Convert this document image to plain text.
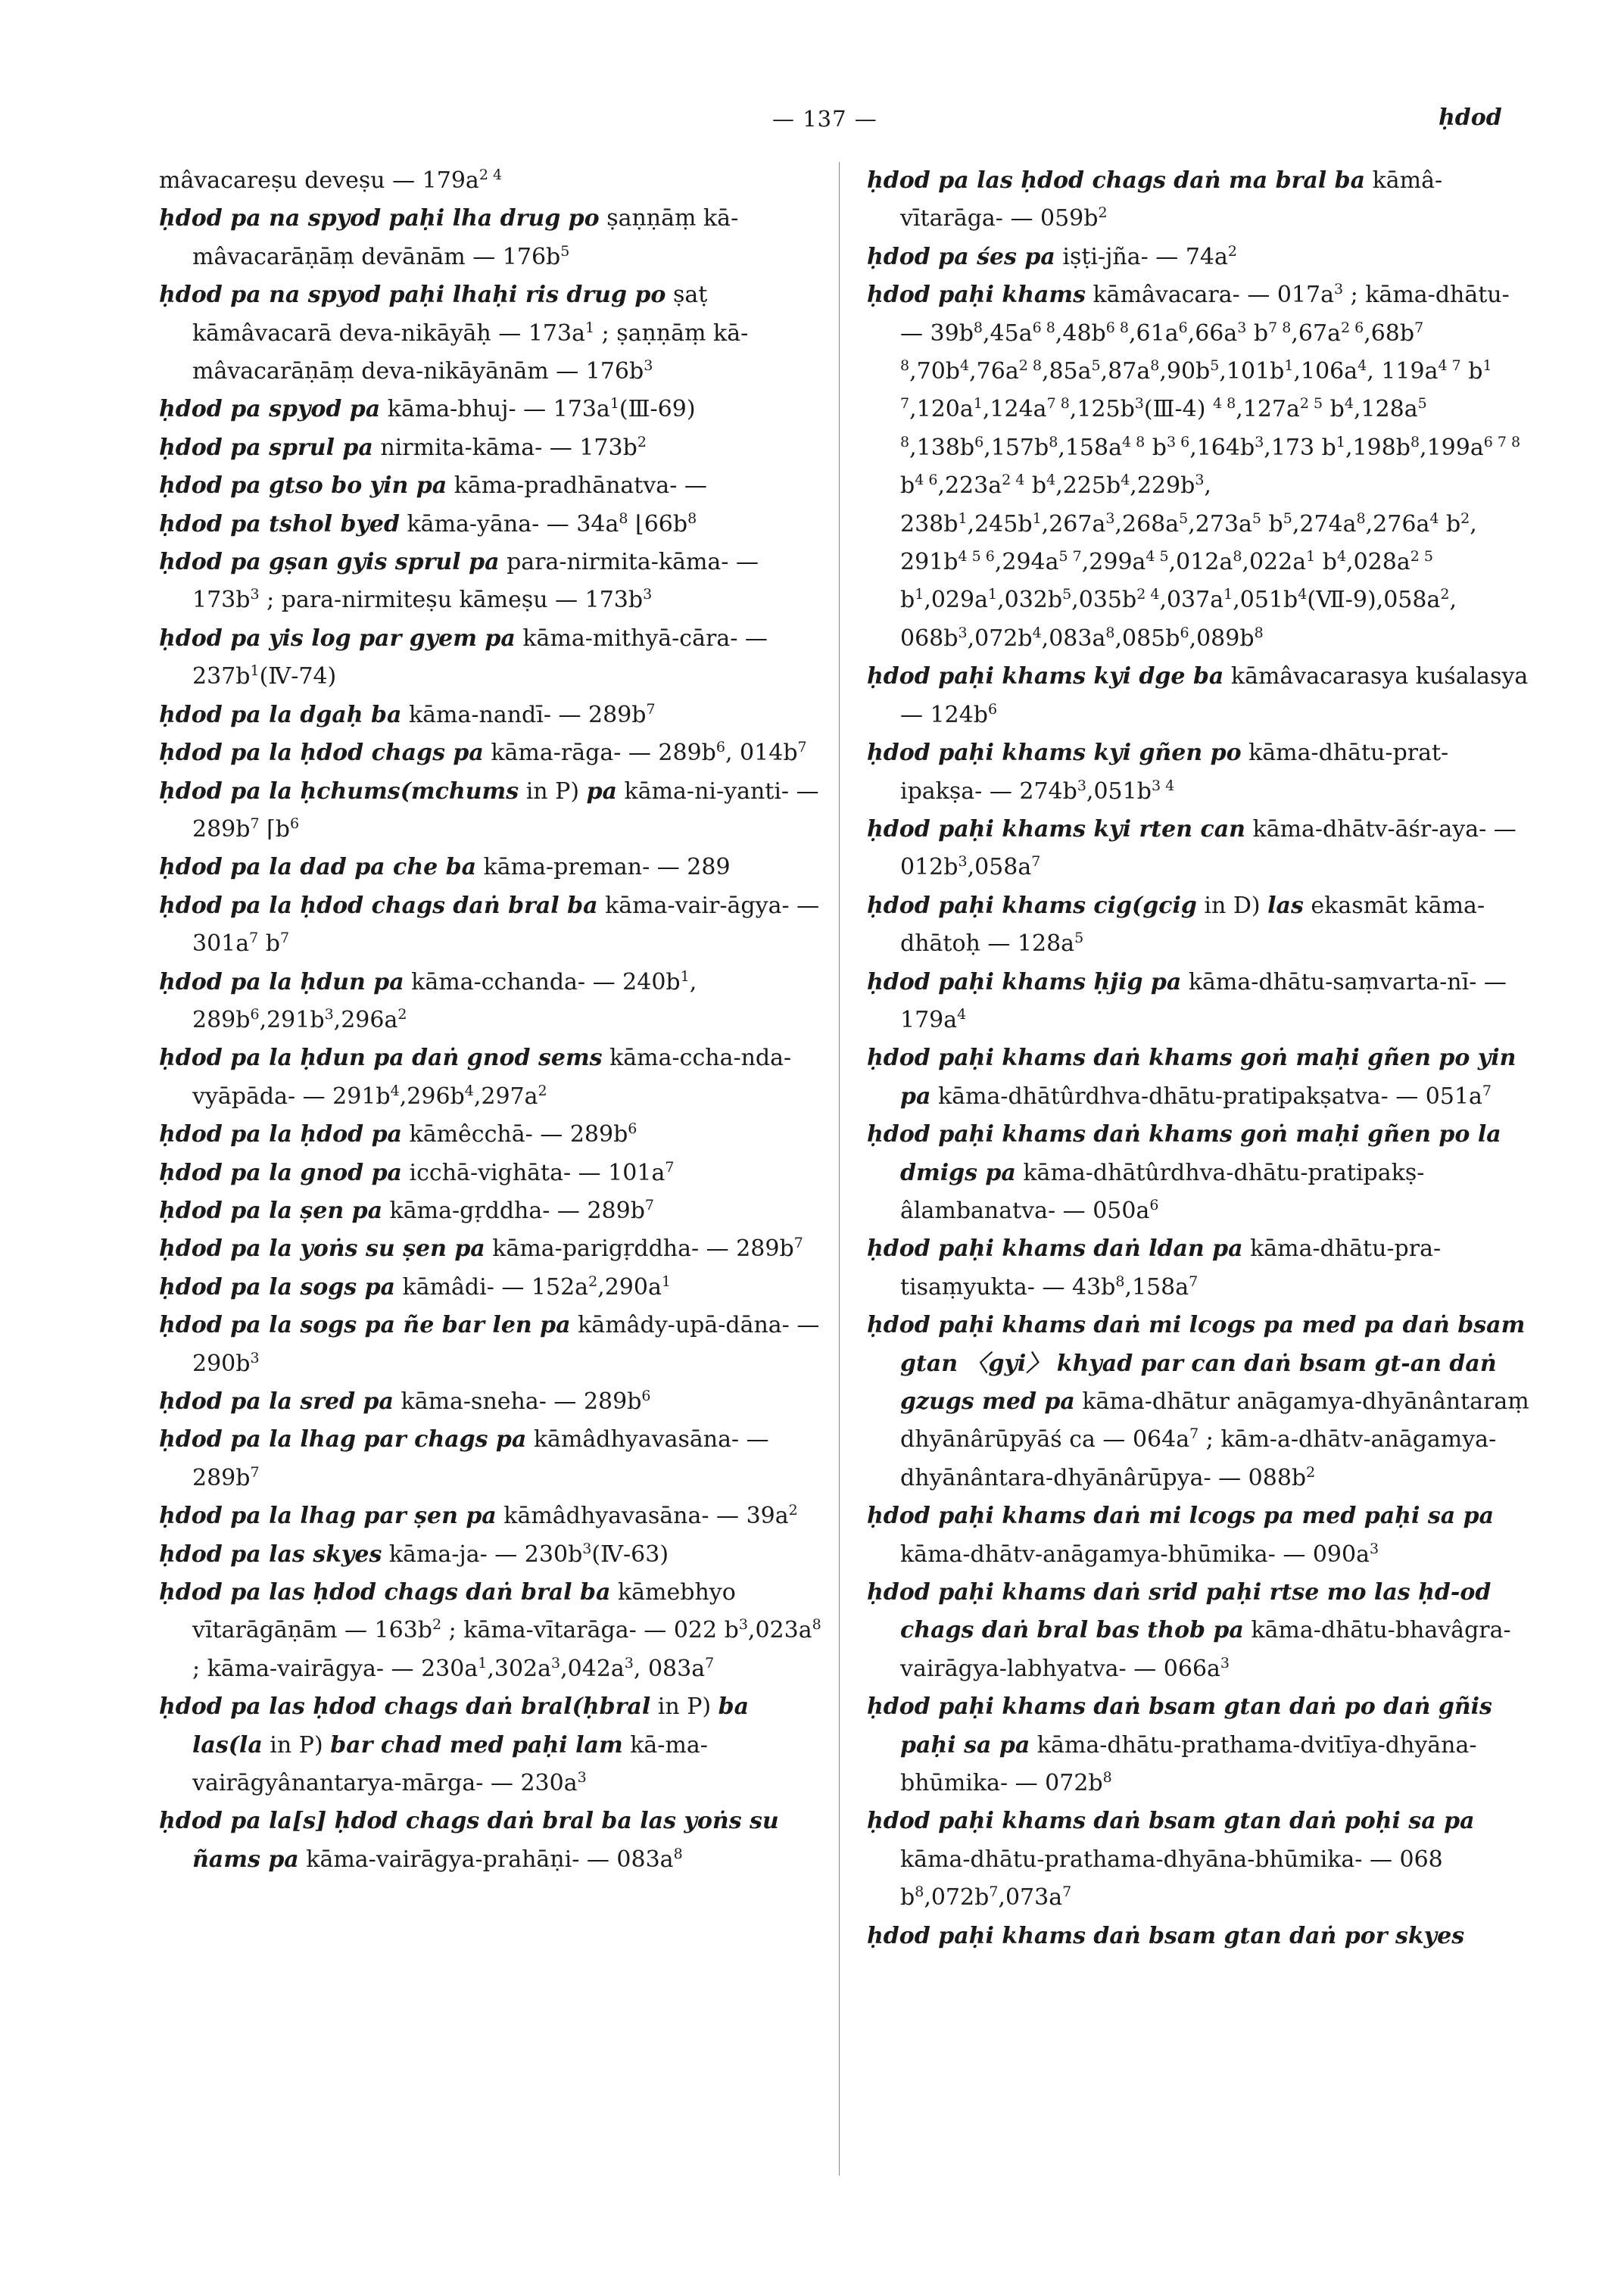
— 137 —	ḥdod

mâvacareṣu deveṣu — $179a^{2 4}$

ḥdod pa na spyod paḥi lha drug po ṣaṇṇāṃ kā-mâvacarāṇāṃ devānām — $176b^5$

ḥdod pa na spyod paḥi lhaḥi ris drug po ṣaṭ kāmâvacarā deva-nikāyāḥ — $173a^1$ ; ṣaṇṇāṃ kā-mâvacarāṇāṃ deva-nikāyānām — $176b^3$

ḥdod pa spyod pa kāma-bhuj- — $173a^1(Ⅲ-69)$

ḥdod pa sprul pa nirmita-kāma- — $173b^2$

ḥdod pa gtso bo yin pa kāma-pradhānatva- —

ḥdod pa tshol byed kāma-yāna- — $34a^8$ $⌊66b^8$

ḥdod pa gṣan gyis sprul pa para-nirmita-kāma- — $173b^3$ ; para-nirmiteṣu kāmeṣu — $173b^3$

ḥdod pa yis log par gyem pa kāma-mithyā-cāra- — $237b^1(Ⅳ-74)$

ḥdod pa la dgaḥ ba kāma-nandī- — $289b^7$

ḥdod pa la ḥdod chags pa kāma-rāga- — $289b^6$, $014b^7$

ḥdod pa la ḥchums(mchums in P) pa kāma-ni-yanti- — $289b^7$ $⌈b^6$

ḥdod pa la dad pa che ba kāma-preman- — 289

ḥdod pa la ḥdod chags daṅ bral ba kāma-vair-āgya- — $301a^7$ $b^7$

ḥdod pa la ḥdun pa kāma-cchanda- — $240b^1$, $289b^6,291b^3,296a^2$

ḥdod pa la ḥdun pa daṅ gnod sems kāma-ccha-nda-vyāpāda- — $291b^4,296b^4,297a^2$

ḥdod pa la ḥdod pa kāmêcchā- — $289b^6$

ḥdod pa la gnod pa icchā-vighāta- — $101a^7$

ḥdod pa la ṣen pa kāma-gṛddha- — $289b^7$

ḥdod pa la yoṅs su ṣen pa kāma-parigṛddha- — $289b^7$

ḥdod pa la sogs pa kāmâdi- — $152a^2,290a^1$

ḥdod pa la sogs pa ñe bar len pa kāmâdy-upā-dāna- — $290b^3$

ḥdod pa la sred pa kāma-sneha- — $289b^6$

ḥdod pa la lhag par chags pa kāmâdhyavasāna- — $289b^7$

ḥdod pa la lhag par ṣen pa kāmâdhyavasāna- — $39a^2$

ḥdod pa las skyes kāma-ja- — $230b^3(Ⅳ-63)$

ḥdod pa las ḥdod chags daṅ bral ba kāmebhyo vītarāgāṇām — $163b^2$ ; kāma-vītarāga- — 022 $b^3,023a^8$ ; kāma-vairāgya- — $230a^1,302a^3,042a^3$, $083a^7$

ḥdod pa las ḥdod chags daṅ bral(ḥbral in P) ba las(la in P) bar chad med paḥi lam kā-ma-vairāgyânantarya-mārga- — $230a^3$

ḥdod pa la[s] ḥdod chags daṅ bral ba las yoṅs su ñams pa kāma-vairāgya-prahāṇi- — $083a^8$

ḥdod pa las ḥdod chags daṅ ma bral ba kāmâ-vītarāga- — $059b^2$

ḥdod pa śes pa iṣṭi-jña- — $74a^2$

ḥdod paḥi khams kāmâvacara- — $017a^3$ ; kāma-dhātu- — $39b^8,45a^{6 8},48b^{6 8},61a^6,66a^3$ $b^{7 8},67a^{2 6},68b^{7 8},70b^4,76a^{2 8},85a^5,87a^8,90b^5,101b^1,106a^4$, $119a^{4 7}$ $b^{1 7},120a^1,124a^{7 8},125b^3(Ⅲ-4)$ $^{4 8},127a^{2 5}$ $b^4,128a^{5 8},138b^6,157b^8,158a^{4 8}$ $b^{3 6},164b^3,173$ $b^1,198b^8,199a^{6 7 8}$ $b^{4 6},223a^{2 4}$ $b^4,225b^4,229b^3$, $238b^1,245b^1,267a^3,268a^5,273a^5$ $b^5,274a^8,276a^4$ $b^2$, $291b^{4 5 6},294a^{5 7},299a^{4 5},012a^8,022a^1$ $b^4,028a^{2 5}$ $b^1,029a^1,032b^5,035b^{2 4},037a^1,051b^4(Ⅶ-9),058a^2$, $068b^3,072b^4,083a^8,085b^6,089b^8$

ḥdod paḥi khams kyi dge ba kāmâvacarasya kuśalasya — $124b^6$

ḥdod paḥi khams kyi gñen po kāma-dhātu-prat-ipakṣa- — $274b^3,051b^{3 4}$

ḥdod paḥi khams kyi rten can kāma-dhātv-āśr-aya- — $012b^3,058a^7$

ḥdod paḥi khams cig(gcig in D) las ekasmāt kāma-dhātoḥ — $128a^5$

ḥdod paḥi khams ḥjig pa kāma-dhātu-saṃvarta-nī- — $179a^4$

ḥdod paḥi khams daṅ khams goṅ maḥi gñen po yin pa kāma-dhātûrdhva-dhātu-pratipakṣatva- — $051a^7$

ḥdod paḥi khams daṅ khams goṅ maḥi gñen po la dmigs pa kāma-dhātûrdhva-dhātu-pratipakṣ-âlambanatva- — $050a^6$

ḥdod paḥi khams daṅ ldan pa kāma-dhātu-pra-tisaṃyukta- — $43b^8,158a^7$

ḥdod paḥi khams daṅ mi lcogs pa med pa daṅ bsam gtan 〈gyi〉 khyad par can daṅ bsam gt-an daṅ gzugs med pa kāma-dhātur anāgamya-dhyānântaraṃ dhyānârūpyāś ca — $064a^7$ ; kām-a-dhātv-anāgamya-dhyānântara-dhyānârūpya- — $088b^2$

ḥdod paḥi khams daṅ mi lcogs pa med paḥi sa pa kāma-dhātv-anāgamya-bhūmika- — $090a^3$

ḥdod paḥi khams daṅ srid paḥi rtse mo las ḥd-od chags daṅ bral bas thob pa kāma-dhātu-bhavâgra-vairāgya-labhyatva- — $066a^3$

ḥdod paḥi khams daṅ bsam gtan daṅ po daṅ gñis paḥi sa pa kāma-dhātu-prathama-dvitīya-dhyāna-bhūmika- — $072b^8$

ḥdod paḥi khams daṅ bsam gtan daṅ poḥi sa pa kāma-dhātu-prathama-dhyāna-bhūmika- — 068 $b^8,072b^7,073a^7$

ḥdod paḥi khams daṅ bsam gtan daṅ por skyes
